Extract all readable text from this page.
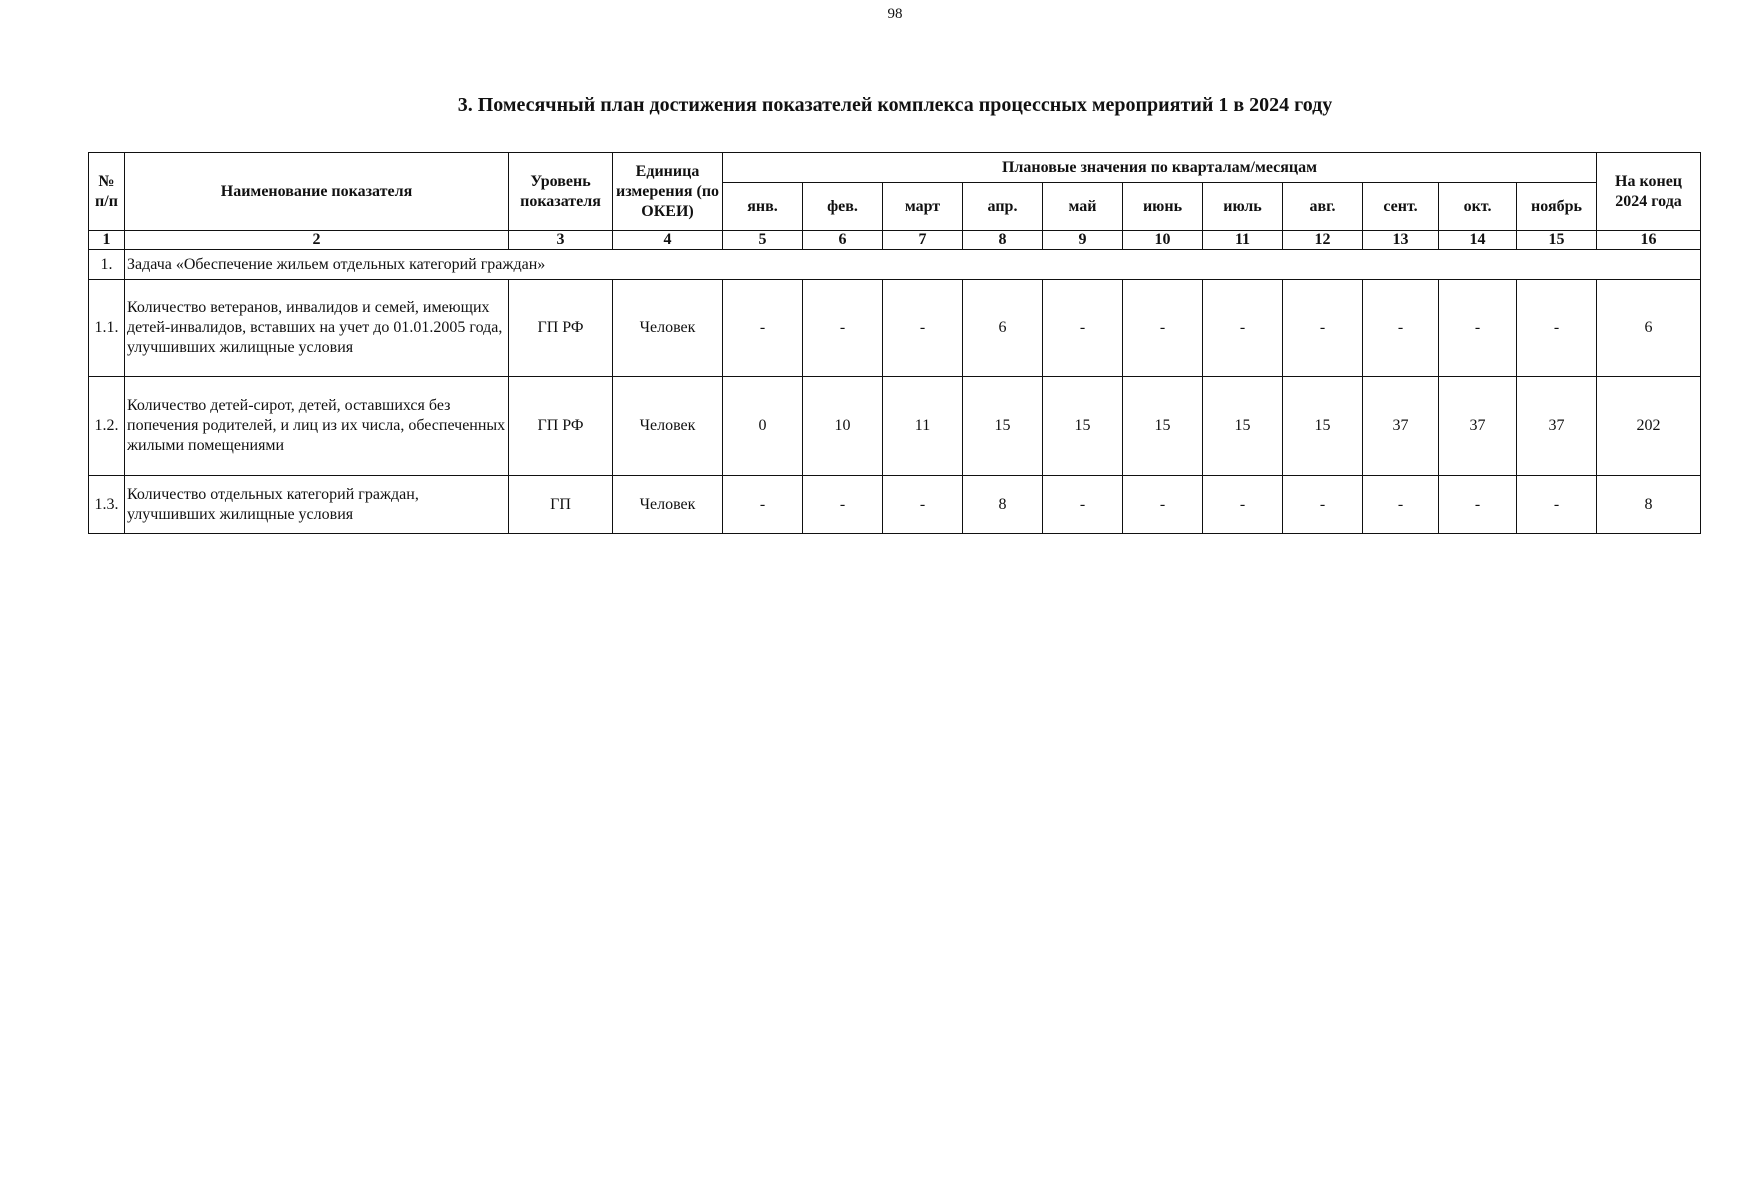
98
3. Помесячный план достижения показателей комплекса процессных мероприятий 1 в 2024 году
№ п/п	Наименование показателя	Уровень показателя	Единица измерения (по ОКЕИ)	Плановые значения по кварталам/месяцам											На конец 2024 года
				янв.	фев.	март	апр.	май	июнь	июль	авг.	сент.	окт.	ноябрь	
1	2	3	4	5	6	7	8	9	10	11	12	13	14	15	16
1.	Задача «Обеспечение жильем отдельных категорий граждан»														
1.1.	Количество ветеранов, инвалидов и семей, имеющих детей-инвалидов, вставших на учет до 01.01.2005 года, улучшивших жилищные условия	ГП РФ	Человек	-	-	-	6	-	-	-	-	-	-	-	6
1.2.	Количество детей-сирот, детей, оставшихся без попечения родителей, и лиц из их числа, обеспеченных жилыми помещениями	ГП РФ	Человек	0	10	11	15	15	15	15	15	37	37	37	202
1.3.	Количество отдельных категорий граждан, улучшивших жилищные условия	ГП	Человек	-	-	-	8	-	-	-	-	-	-	-	8
